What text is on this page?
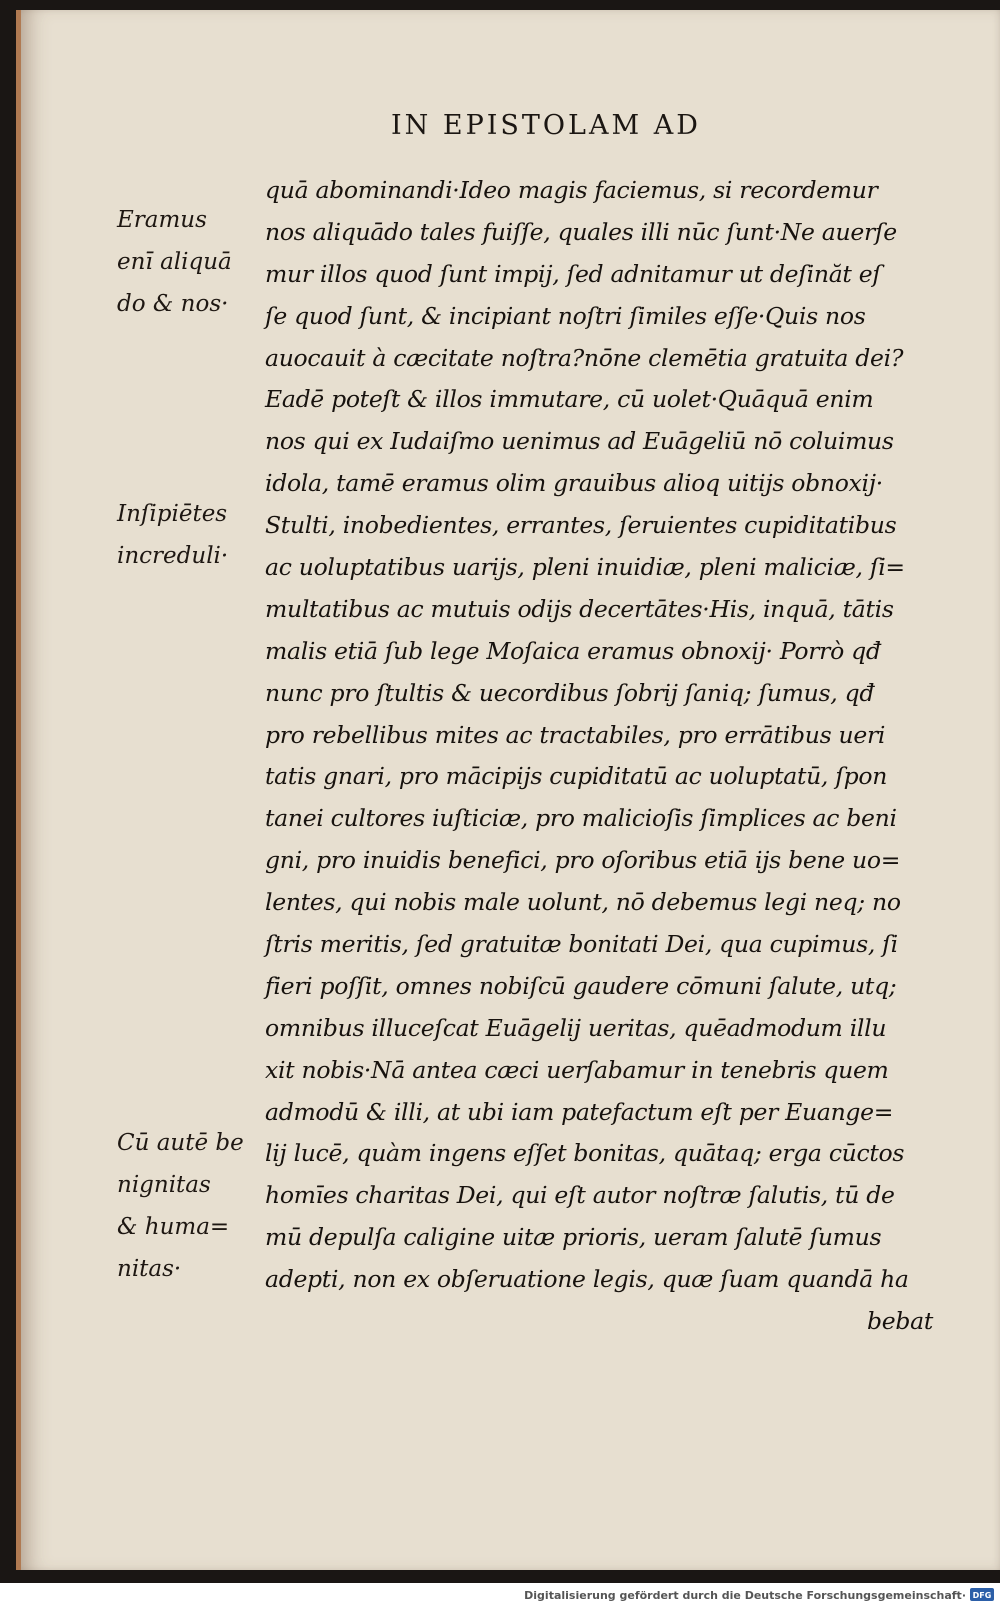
IN EPISTOLAM AD
Eramus
enī aliquā
do & nos·
Inſipiētes
increduli·
Cū autē be
nignitas
& huma=
nitas·
quā abominandi·Ideo magis faciemus, si recordemur
nos aliquādo tales fuiſſe, quales illi nūc ſunt·Ne auerſe
mur illos quod ſunt impij, ſed adnitamur ut deſinăt eſ
ſe quod ſunt, & incipiant noſtri ſimiles eſſe·Quis nos
auocauit à cæcitate noſtra?nōne clemētia gratuita dei?
Eadē poteſt & illos immutare, cū uolet·Quāquā enim
nos qui ex Iudaiſmo uenimus ad Euāgeliū nō coluimus
idola, tamē eramus olim grauibus alioq uitijs obnoxij·
Stulti, inobedientes, errantes, ſeruientes cupiditatibus
ac uoluptatibus uarijs, pleni inuidiæ, pleni maliciæ, ſi=
multatibus ac mutuis odijs decertātes·His, inquā, tātis
malis etiā ſub lege Moſaica eramus obnoxij· Porrò qđ
nunc pro ſtultis & uecordibus ſobrij ſaniq; ſumus, qđ
pro rebellibus mites ac tractabiles, pro errātibus ueri
tatis gnari, pro mācipijs cupiditatū ac uoluptatū, ſpon
tanei cultores iuſticiæ, pro malicioſis ſimplices ac beni
gni, pro inuidis benefici, pro oſoribus etiā ijs bene uo=
lentes, qui nobis male uolunt, nō debemus legi neq; no
ſtris meritis, ſed gratuitæ bonitati Dei, qua cupimus, ſi
fieri poſſit, omnes nobiſcū gaudere cōmuni ſalute, utq;
omnibus illuceſcat Euāgelij ueritas, quēadmodum illu
xit nobis·Nā antea cæci uerſabamur in tenebris quem
admodū & illi, at ubi iam patefactum eſt per Euange=
lij lucē, quàm ingens eſſet bonitas, quātaq; erga cūctos
homīes charitas Dei, qui eſt autor noſtræ ſalutis, tū de
mū depulſa caligine uitæ prioris, ueram ſalutē ſumus
adepti, non ex obſeruatione legis, quæ ſuam quandā ha
bebat
Digitalisierung gefördert durch die Deutsche Forschungsgemeinschaft· DFG
